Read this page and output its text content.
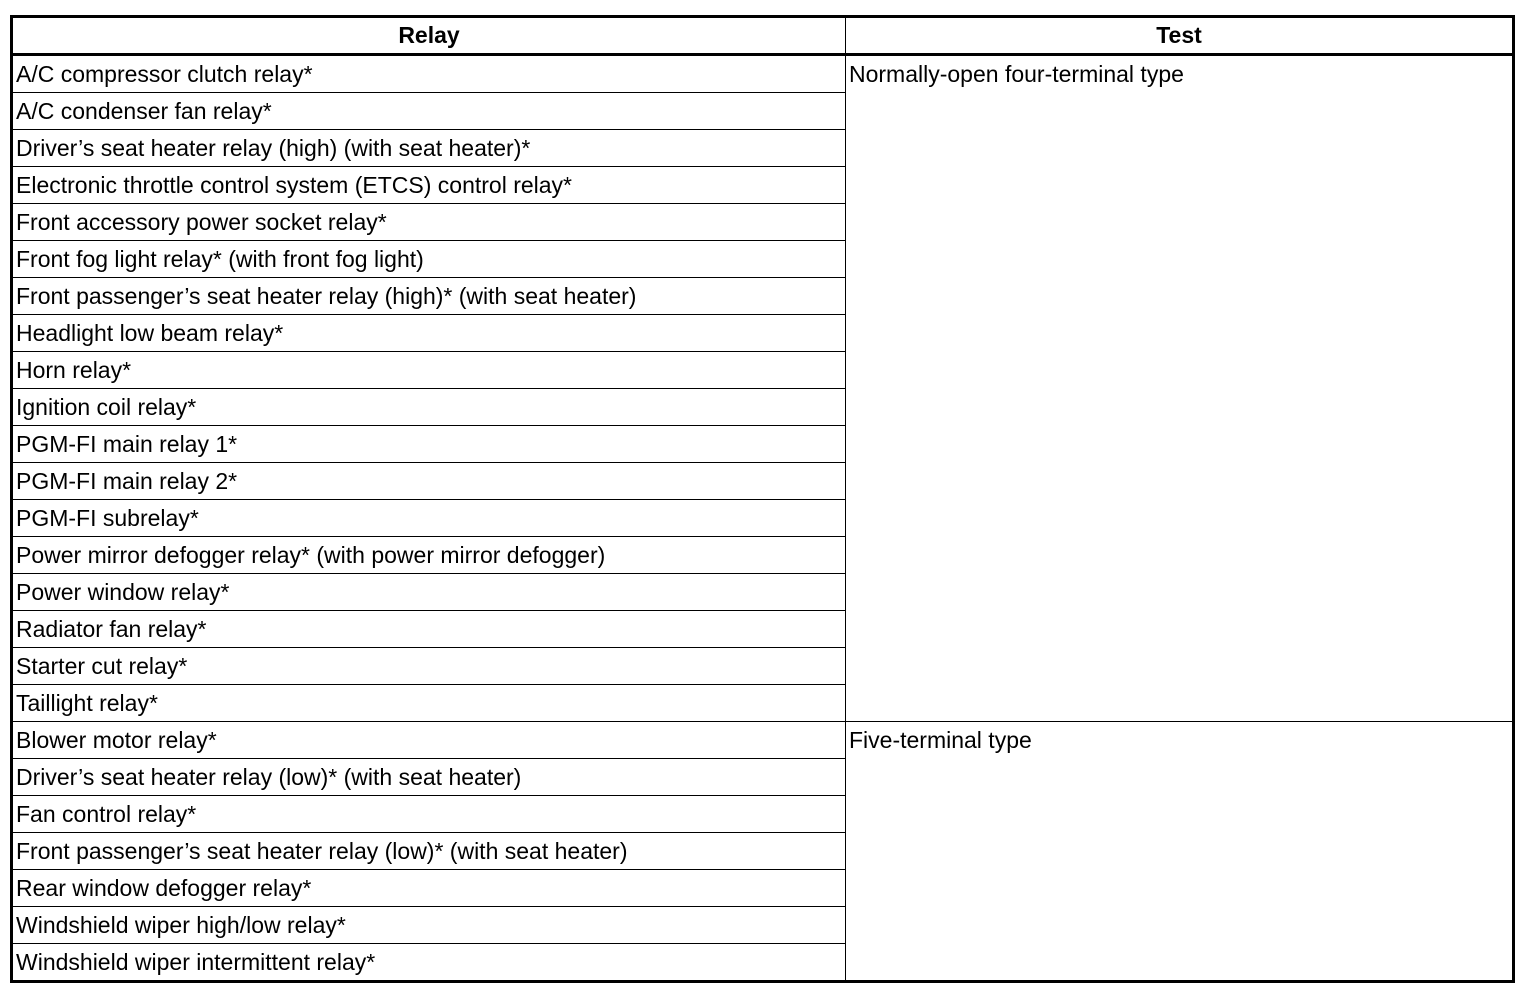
Relay	Test
A/C compressor clutch relay*	Normally-open four-terminal type
A/C condenser fan relay*	
Driver’s seat heater relay (high) (with seat heater)*	
Electronic throttle control system (ETCS) control relay*	
Front accessory power socket relay*	
Front fog light relay* (with front fog light)	
Front passenger’s seat heater relay (high)* (with seat heater)	
Headlight low beam relay*	
Horn relay*	
Ignition coil relay*	
PGM-FI main relay 1*	
PGM-FI main relay 2*	
PGM-FI subrelay*	
Power mirror defogger relay* (with power mirror defogger)	
Power window relay*	
Radiator fan relay*	
Starter cut relay*	
Taillight relay*	
Blower motor relay*	Five-terminal type
Driver’s seat heater relay (low)* (with seat heater)	
Fan control relay*	
Front passenger’s seat heater relay (low)* (with seat heater)	
Rear window defogger relay*	
Windshield wiper high/low relay*	
Windshield wiper intermittent relay*	
